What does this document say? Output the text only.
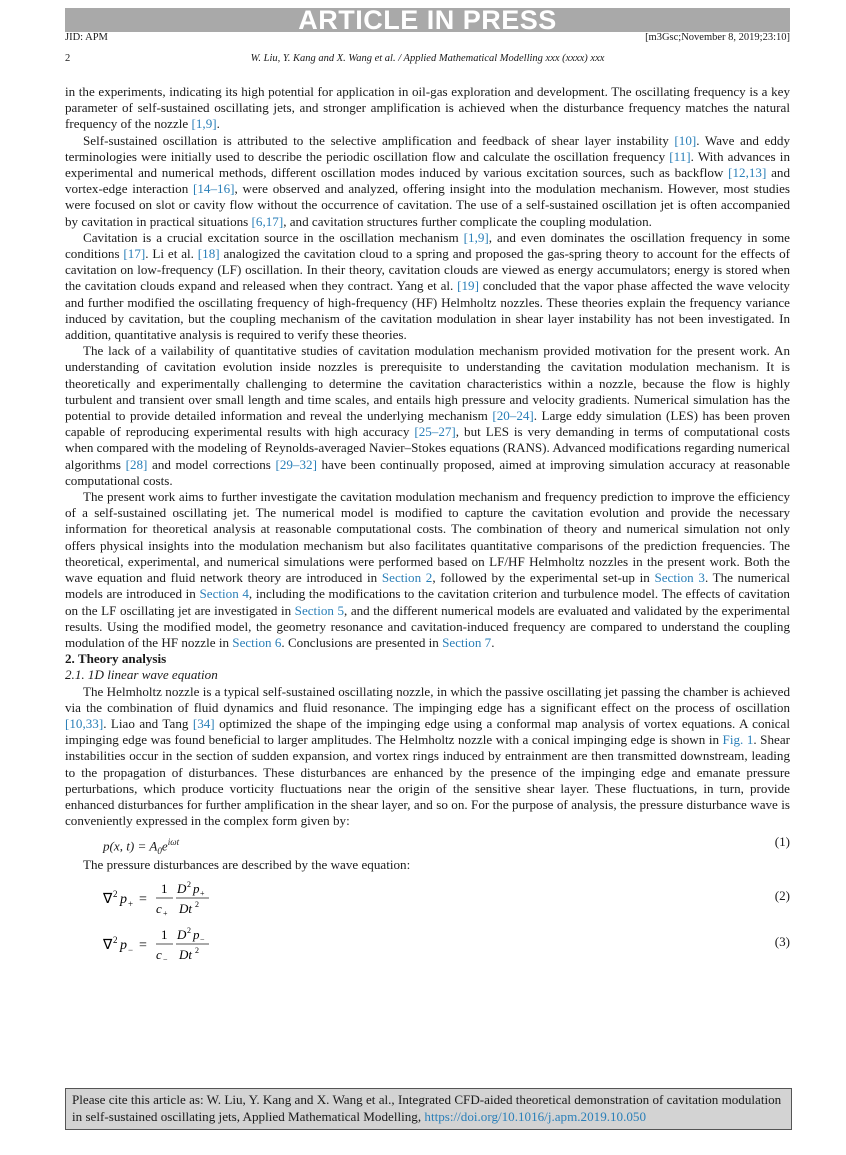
ARTICLE IN PRESS
JID: APM	[m3Gsc;November 8, 2019;23:10]
2	W. Liu, Y. Kang and X. Wang et al. / Applied Mathematical Modelling xxx (xxxx) xxx

in the experiments, indicating its high potential for application in oil-gas exploration and development. The oscillating frequency is a key parameter of self-sustained oscillating jets, and stronger amplification is achieved when the disturbance frequency matches the natural frequency of the nozzle [1,9].

Self-sustained oscillation is attributed to the selective amplification and feedback of shear layer instability [10]. Wave and eddy terminologies were initially used to describe the periodic oscillation flow and calculate the oscillation frequency [11]. With advances in experimental and numerical methods, different oscillation modes induced by various excitation sources, such as backflow [12,13] and vortex-edge interaction [14–16], were observed and analyzed, offering insight into the modulation mechanism. However, most studies were focused on slot or cavity flow without the occurrence of cavitation. The use of a self-sustained oscillation jet is often accompanied by cavitation in practical situations [6,17], and cavitation structures further complicate the coupling modulation.

Cavitation is a crucial excitation source in the oscillation mechanism [1,9], and even dominates the oscillation frequency in some conditions [17]. Li et al. [18] analogized the cavitation cloud to a spring and proposed the gas-spring theory to account for the effects of cavitation on low-frequency (LF) oscillation. In their theory, cavitation clouds are viewed as energy accumulators; energy is stored when the cavitation clouds expand and released when they contract. Yang et al. [19] concluded that the vapor phase affected the wave velocity and further modified the oscillating frequency of high-frequency (HF) Helmholtz nozzles. These theories explain the frequency variance induced by cavitation, but the coupling mechanism of the cavitation modulation in shear layer instability has not been investigated. In addition, quantitative analysis is required to verify these theories.

The lack of a vailability of quantitative studies of cavitation modulation mechanism provided motivation for the present work. An understanding of cavitation evolution inside nozzles is prerequisite to understanding the cavitation modulation mechanism. It is theoretically and experimentally challenging to determine the cavitation characteristics within a nozzle, because the flow is highly turbulent and transient over small length and time scales, and entails high pressure and velocity gradients. Numerical simulation has the potential to provide detailed information and reveal the underlying mechanism [20–24]. Large eddy simulation (LES) has been proven capable of reproducing experimental results with high accuracy [25–27], but LES is very demanding in terms of computational costs when compared with the modeling of Reynolds-averaged Navier–Stokes equations (RANS). Advanced modifications regarding numerical algorithms [28] and model corrections [29–32] have been continually proposed, aimed at improving simulation accuracy at reasonable computational costs.

The present work aims to further investigate the cavitation modulation mechanism and frequency prediction to improve the efficiency of a self-sustained oscillating jet. The numerical model is modified to capture the cavitation evolution and provide the necessary information for theoretical analysis at reasonable computational costs. The combination of theory and numerical simulation not only offers physical insights into the modulation mechanism but also facilitates quantitative comparisons of the prediction frequencies. The theoretical, experimental, and numerical simulations were performed based on LF/HF Helmholtz nozzles in the present work. Both the wave equation and fluid network theory are introduced in Section 2, followed by the experimental set-up in Section 3. The numerical models are introduced in Section 4, including the modifications to the cavitation criterion and turbulence model. The effects of cavitation on the LF oscillating jet are investigated in Section 5, and the different numerical models are evaluated and validated by the experimental results. Using the modified model, the geometry resonance and cavitation-induced frequency are compared to understand the coupling modulation of the HF nozzle in Section 6. Conclusions are presented in Section 7.

2. Theory analysis

2.1. 1D linear wave equation

The Helmholtz nozzle is a typical self-sustained oscillating nozzle, in which the passive oscillating jet passing the chamber is achieved via the combination of fluid dynamics and fluid resonance. The impinging edge has a significant effect on the process of oscillation [10,33]. Liao and Tang [34] optimized the shape of the impinging edge using a conformal map analysis of vortex equations. A conical impinging edge was found beneficial to larger amplitudes. The Helmholtz nozzle with a conical impinging edge is shown in Fig. 1. Shear instabilities occur in the section of sudden expansion, and vortex rings induced by entrainment are then transmitted downstream, leading to the propagation of disturbances. These disturbances are enhanced by the presence of the impinging edge and emanate pressure perturbations, which produce vorticity fluctuations near the origin of the sensitive shear layer. These fluctuations, in turn, provide enhanced disturbances for further amplification in the shear layer, and so on. For the purpose of analysis, the pressure disturbance wave is conveniently expressed in the complex form given by:

p(x, $t) = A_0e^{i\omega t}$	(1)

The pressure disturbances are described by the wave equation:

∇ 2 p + =
1
c +
D 2 p +
Dt 2
(2)
∇ 2 p − =
1
c −
D 2 p −
Dt 2
(3)
Please cite this article as: W. Liu, Y. Kang and X. Wang et al., Integrated CFD-aided theoretical demonstration of cavitation modulation in self-sustained oscillating jets, Applied Mathematical Modelling, https://doi.org/10.1016/j.apm.2019.10.050
